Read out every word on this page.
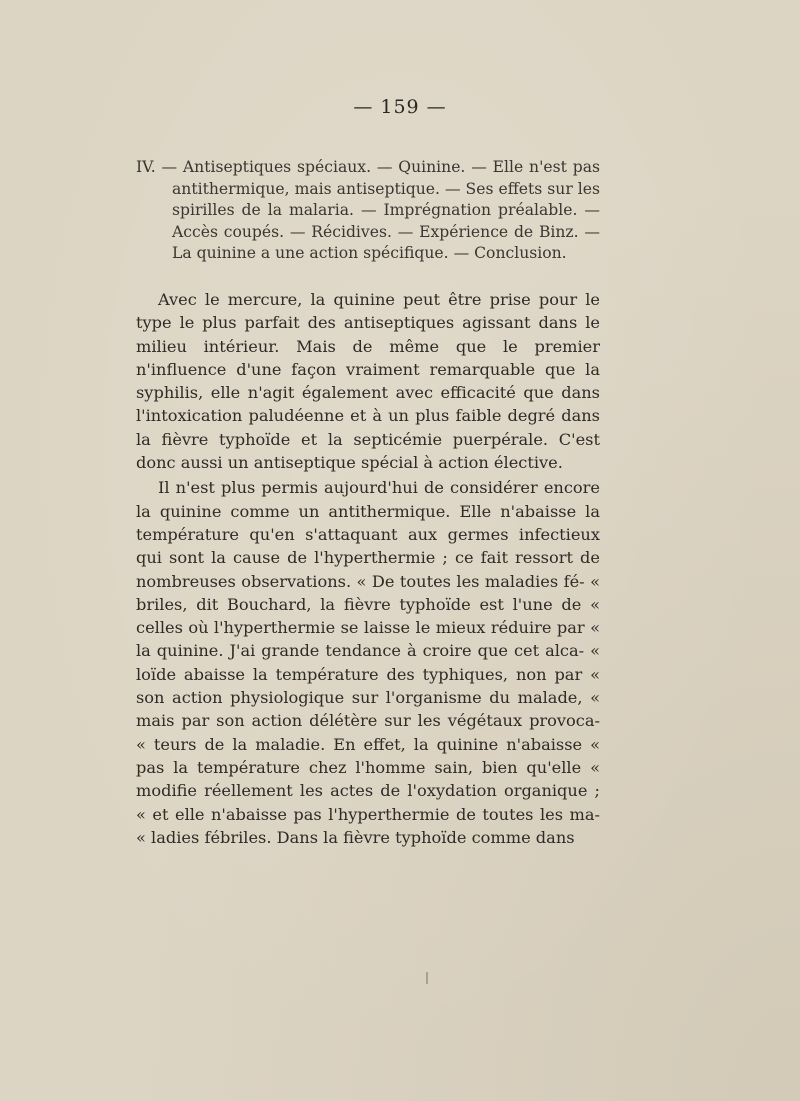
— 159 —

IV. — Antiseptiques spéciaux. — Quinine. — Elle n'est pas antithermique, mais antiseptique. — Ses effets sur les spirilles de la malaria. — Imprégnation préalable. — Accès coupés. — Récidives. — Expérience de Binz. — La quinine a une action spécifique. — Conclusion.

Avec le mercure, la quinine peut être prise pour le type le plus parfait des antiseptiques agissant dans le milieu intérieur. Mais de même que le premier n'influence d'une façon vraiment remarquable que la syphilis, elle n'agit également avec efficacité que dans l'intoxication paludéenne et à un plus faible degré dans la fièvre typhoïde et la septicémie puerpérale. C'est donc aussi un antiseptique spécial à action élective.

Il n'est plus permis aujourd'hui de considérer encore la quinine comme un antithermique. Elle n'abaisse la température qu'en s'attaquant aux germes infectieux qui sont la cause de l'hyperthermie ; ce fait ressort de nombreuses observations. « De toutes les maladies fé- « briles, dit Bouchard, la fièvre typhoïde est l'une de « celles où l'hyperthermie se laisse le mieux réduire par « la quinine. J'ai grande tendance à croire que cet alca- « loïde abaisse la température des typhiques, non par « son action physiologique sur l'organisme du malade, « mais par son action délétère sur les végétaux provoca- « teurs de la maladie. En effet, la quinine n'abaisse « pas la température chez l'homme sain, bien qu'elle « modifie réellement les actes de l'oxydation organique ; « et elle n'abaisse pas l'hyperthermie de toutes les ma- « ladies fébriles. Dans la fièvre typhoïde comme dans
